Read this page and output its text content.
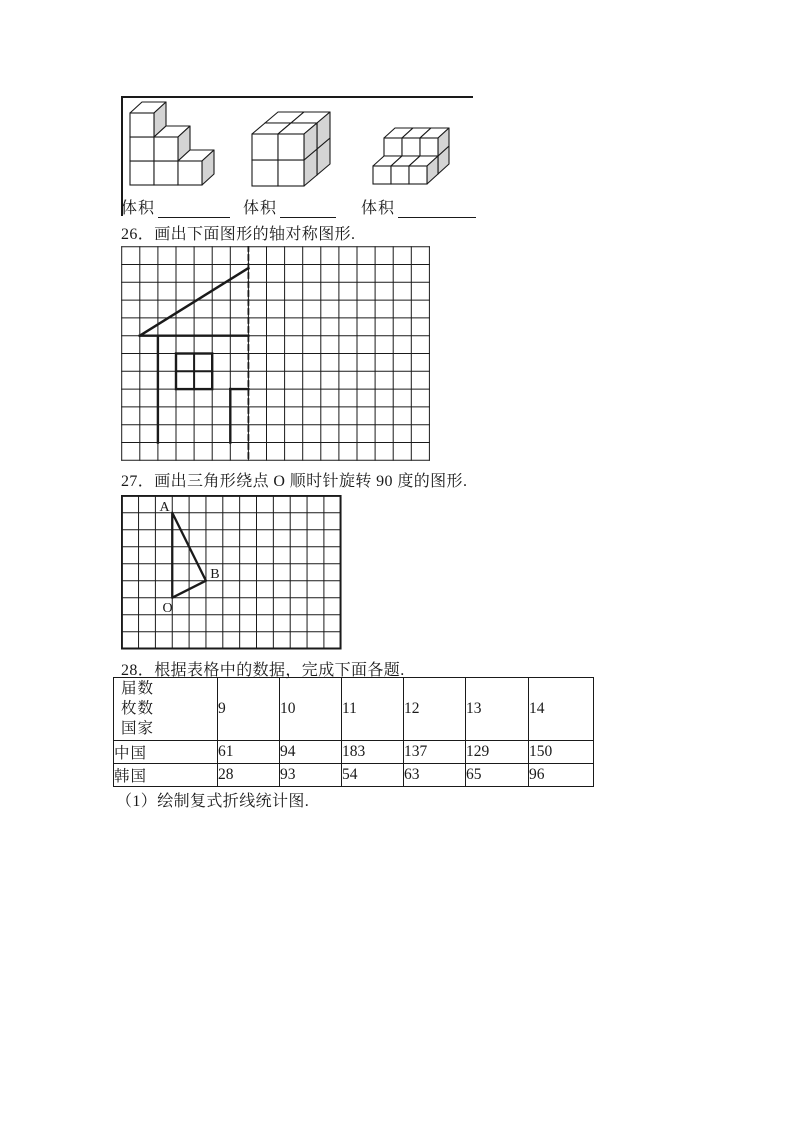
体积	体积	体积
26．画出下面图形的轴对称图形.
27．画出三角形绕点 O 顺时针旋转 90 度的图形.
A
B
O
28．根据表格中的数据，完成下面各题.
届数
枚数
国家	9	10	11	12	13	14
中国	61	94	183	137	129	150
韩国	28	93	54	63	65	96
（1）绘制复式折线统计图.
